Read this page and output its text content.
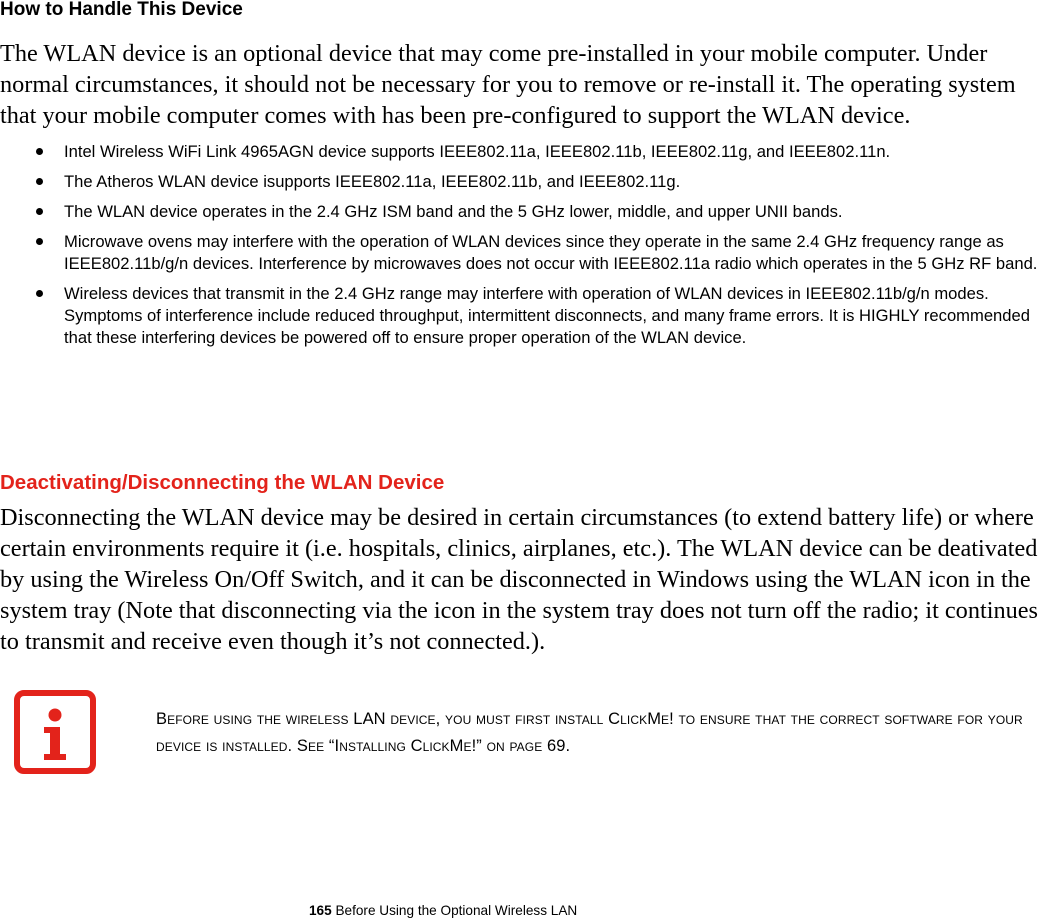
How to Handle This Device

The WLAN device is an optional device that may come pre-installed in your mobile computer. Under normal circumstances, it should not be necessary for you to remove or re-install it. The operating system that your mobile computer comes with has been pre-configured to support the WLAN device.

Intel Wireless WiFi Link 4965AGN device supports IEEE802.11a, IEEE802.11b, IEEE802.11g, and IEEE802.11n.
The Atheros WLAN device isupports IEEE802.11a, IEEE802.11b, and IEEE802.11g.
The WLAN device operates in the 2.4 GHz ISM band and the 5 GHz lower, middle, and upper UNII bands.
Microwave ovens may interfere with the operation of WLAN devices since they operate in the same 2.4 GHz frequency range as IEEE802.11b/g/n devices. Interference by microwaves does not occur with IEEE802.11a radio which operates in the 5 GHz RF band.
Wireless devices that transmit in the 2.4 GHz range may interfere with operation of WLAN devices in IEEE802.11b/g/n modes. Symptoms of interference include reduced throughput, intermittent disconnects, and many frame errors. It is HIGHLY recommended that these interfering devices be powered off to ensure proper operation of the WLAN device.
Deactivating/Disconnecting the WLAN Device

Disconnecting the WLAN device may be desired in certain circumstances (to extend battery life) or where certain environments require it (i.e. hospitals, clinics, airplanes, etc.). The WLAN device can be deativated by using the Wireless On/Off Switch, and it can be disconnected in Windows using the WLAN icon in the system tray (Note that disconnecting via the icon in the system tray does not turn off the radio; it continues to transmit and receive even though it’s not connected.).

Before using the wireless LAN device, you must first install ClickMe! to ensure that the correct software for your device is installed. See “Installing ClickMe!” on page 69.

165 Before Using the Optional Wireless LAN
